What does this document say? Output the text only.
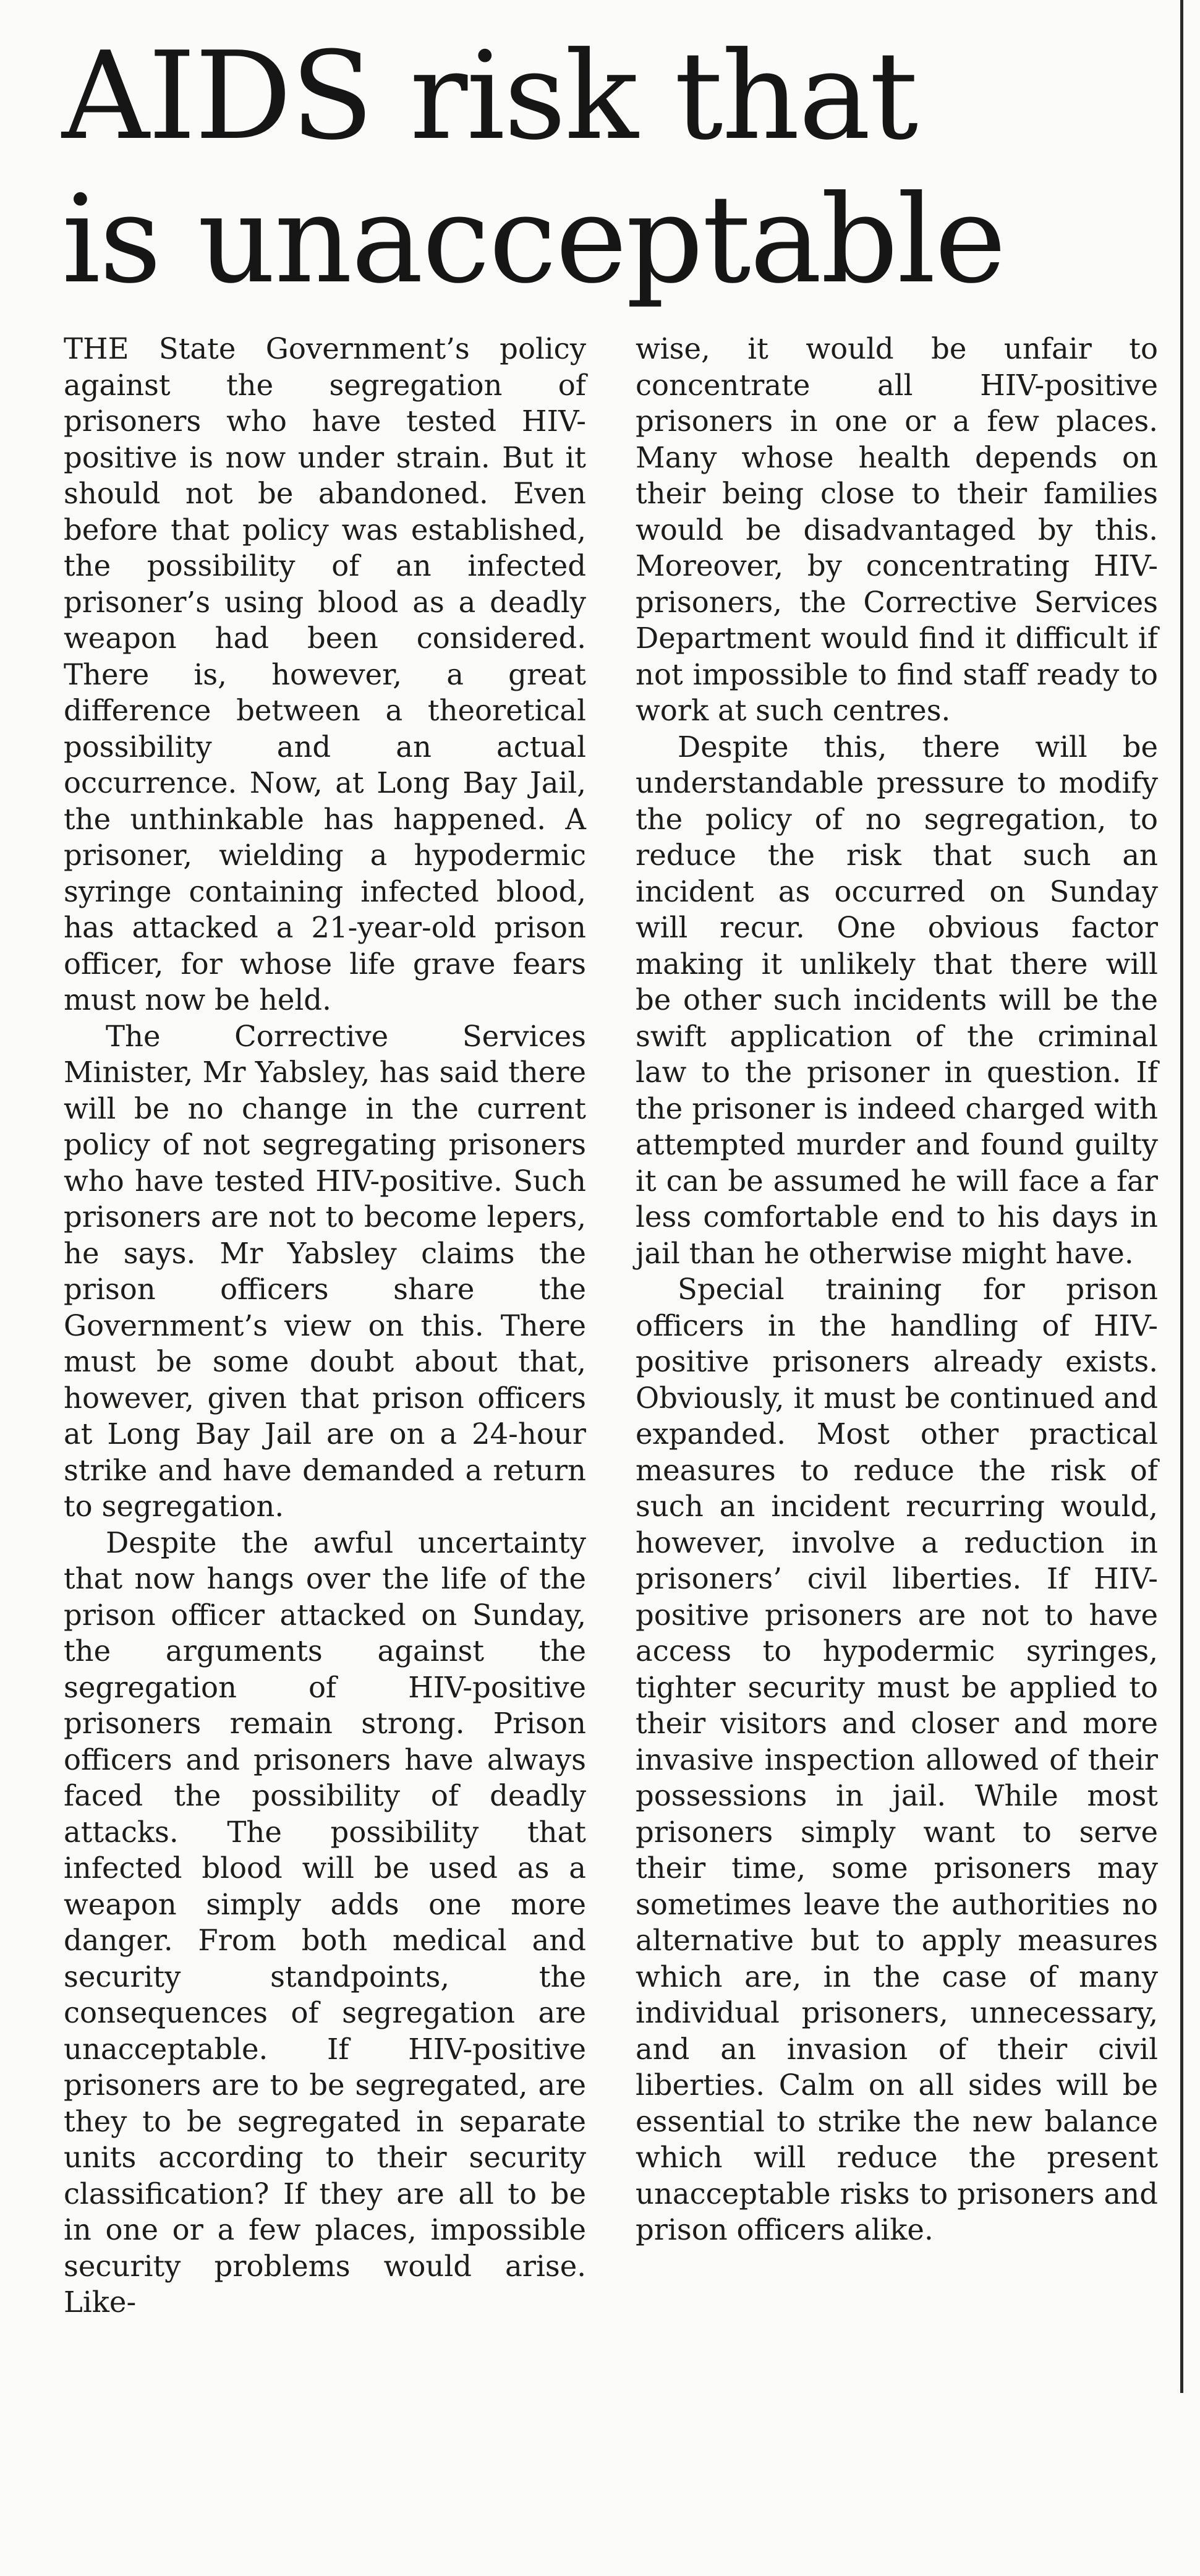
AIDS risk that
is unacceptable

THE State Government’s policy against the segregation of prisoners who have tested HIV-positive is now under strain. But it should not be abandoned. Even before that policy was established, the possibility of an infected prisoner’s using blood as a deadly weapon had been considered. There is, however, a great difference between a theoretical possibility and an actual occurrence. Now, at Long Bay Jail, the unthinkable has happened. A prisoner, wielding a hypodermic syringe containing infected blood, has attacked a 21-year-old prison officer, for whose life grave fears must now be held.

The Corrective Services Minister, Mr Yabsley, has said there will be no change in the current policy of not segregating prisoners who have tested HIV-positive. Such prisoners are not to become lepers, he says. Mr Yabsley claims the prison officers share the Government’s view on this. There must be some doubt about that, however, given that prison officers at Long Bay Jail are on a 24-hour strike and have demanded a return to segregation.

Despite the awful uncertainty that now hangs over the life of the prison officer attacked on Sunday, the arguments against the segregation of HIV-positive prisoners remain strong. Prison officers and prisoners have always faced the possibility of deadly attacks. The possibility that infected blood will be used as a weapon simply adds one more danger. From both medical and security standpoints, the consequences of segregation are unacceptable. If HIV-positive prisoners are to be segregated, are they to be segregated in separate units according to their security classification? If they are all to be in one or a few places, impossible security problems would arise. Like-

wise, it would be unfair to concentrate all HIV-positive prisoners in one or a few places. Many whose health depends on their being close to their families would be disadvantaged by this. Moreover, by concentrating HIV-prisoners, the Corrective Services Department would find it difficult if not impossible to find staff ready to work at such centres.

Despite this, there will be understandable pressure to modify the policy of no segregation, to reduce the risk that such an incident as occurred on Sunday will recur. One obvious factor making it unlikely that there will be other such incidents will be the swift application of the criminal law to the prisoner in question. If the prisoner is indeed charged with attempted murder and found guilty it can be assumed he will face a far less comfortable end to his days in jail than he otherwise might have.

Special training for prison officers in the handling of HIV-positive prisoners already exists. Obviously, it must be continued and expanded. Most other practical measures to reduce the risk of such an incident recurring would, however, involve a reduction in prisoners’ civil liberties. If HIV-positive prisoners are not to have access to hypodermic syringes, tighter security must be applied to their visitors and closer and more invasive inspection allowed of their possessions in jail. While most prisoners simply want to serve their time, some prisoners may sometimes leave the authorities no alternative but to apply measures which are, in the case of many individual prisoners, unnecessary, and an invasion of their civil liberties. Calm on all sides will be essential to strike the new balance which will reduce the present unacceptable risks to prisoners and prison officers alike.
